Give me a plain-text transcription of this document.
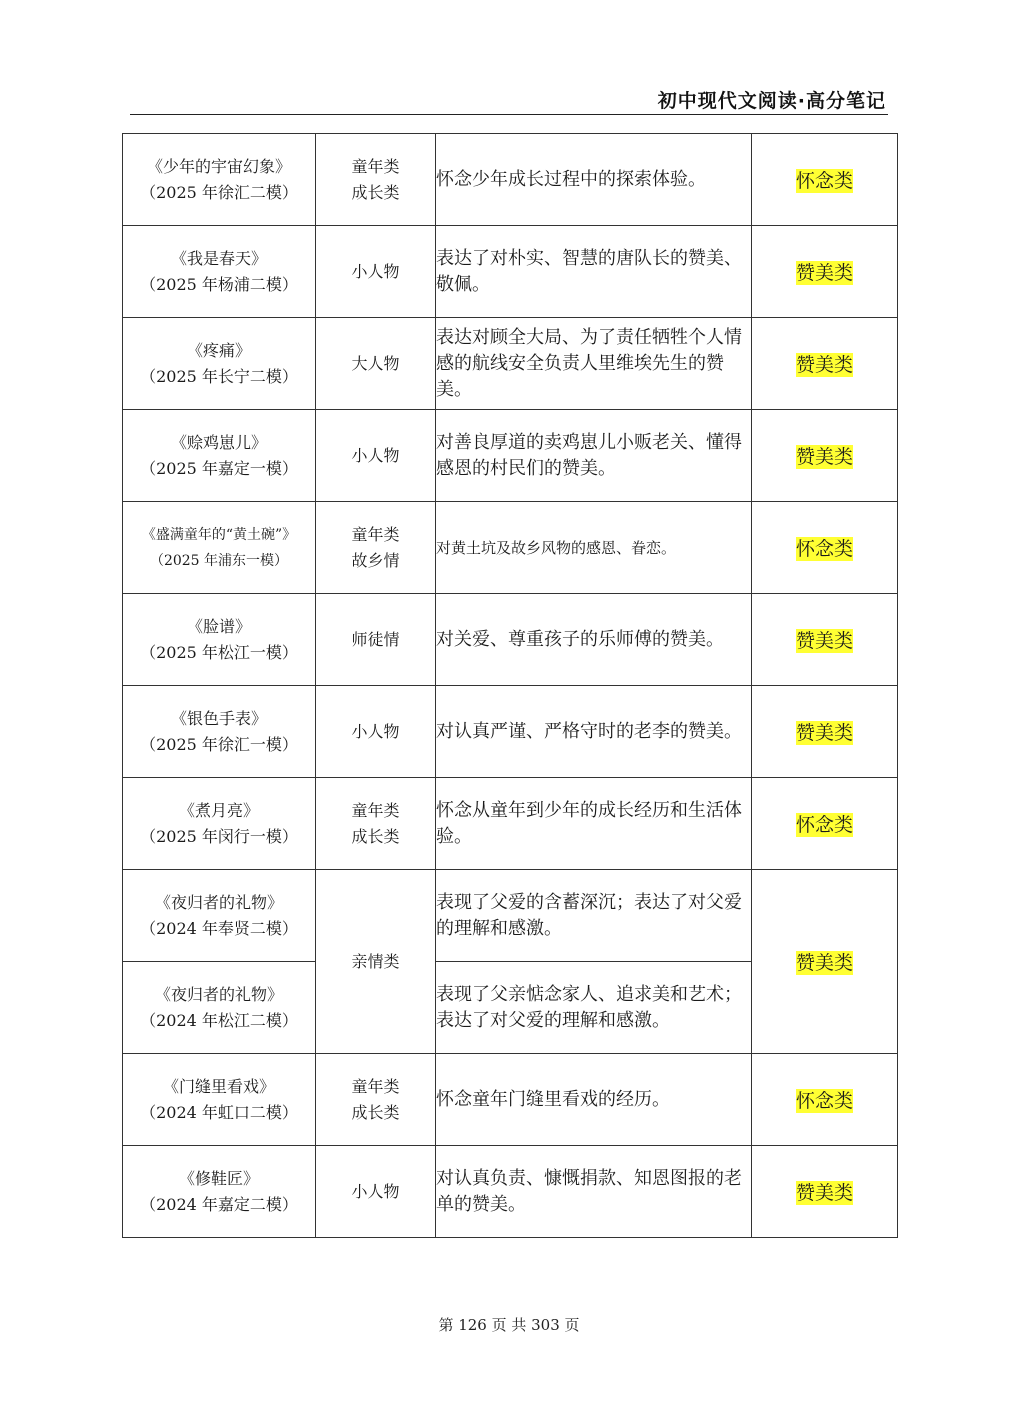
初中现代文阅读·高分笔记
《少年的宇宙幻象》
（2025 年徐汇二模）	童年类
成长类	怀念少年成长过程中的探索体验。	怀念类

《我是春天》
（2025 年杨浦二模）	小人物	表达了对朴实、智慧的唐队长的赞美、敬佩。	赞美类

《疼痛》
（2025 年长宁二模）	大人物	表达对顾全大局、为了责任牺牲个人情感的航线安全负责人里维埃先生的赞美。	赞美类

《赊鸡崽儿》
（2025 年嘉定一模）	小人物	对善良厚道的卖鸡崽儿小贩老关、懂得感恩的村民们的赞美。	赞美类

《盛满童年的“黄土碗”》
（2025 年浦东一模）	童年类
故乡情	对黄土坑及故乡风物的感恩、眷恋。	怀念类

《脸谱》
（2025 年松江一模）	师徒情	对关爱、尊重孩子的乐师傅的赞美。	赞美类

《银色手表》
（2025 年徐汇一模）	小人物	对认真严谨、严格守时的老李的赞美。	赞美类

《煮月亮》
（2025 年闵行一模）	童年类
成长类	怀念从童年到少年的成长经历和生活体验。	怀念类

《夜归者的礼物》
（2024 年奉贤二模）	亲情类	表现了父爱的含蓄深沉；表达了对父爱的理解和感激。	赞美类

《夜归者的礼物》
（2024 年松江二模）		表现了父亲惦念家人、追求美和艺术；表达了对父爱的理解和感激。	

《门缝里看戏》
（2024 年虹口二模）	童年类
成长类	怀念童年门缝里看戏的经历。	怀念类

《修鞋匠》
（2024 年嘉定二模）	小人物	对认真负责、慷慨捐款、知恩图报的老单的赞美。	赞美类
第 126 页 共 303 页
